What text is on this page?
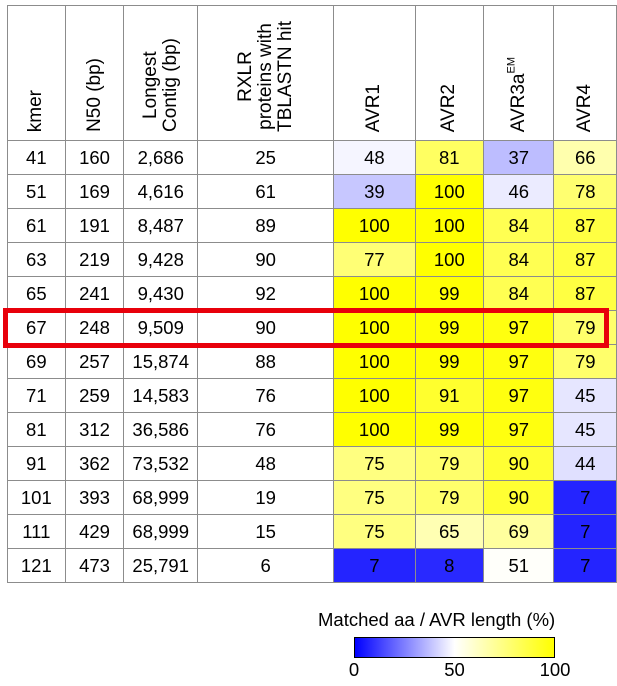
kmer	N50 (bp)	Longest
Contig (bp)	RXLR
proteins with
TBLASTN hit	AVR1	AVR2	$AVR3a^{EM}$	AVR4

41	160	2,686	25	48	81	37	66
51	169	4,616	61	39	100	46	78
61	191	8,487	89	100	100	84	87
63	219	9,428	90	77	100	84	87
65	241	9,430	92	100	99	84	87
67	248	9,509	90	100	99	97	79
69	257	15,874	88	100	99	97	79
71	259	14,583	76	100	91	97	45
81	312	36,586	76	100	99	97	45
91	362	73,532	48	75	79	90	44
101	393	68,999	19	75	79	90	7
111	429	68,999	15	75	65	69	7
121	473	25,791	6	7	8	51	7
Matched aa / AVR length (%)
0	50	100
